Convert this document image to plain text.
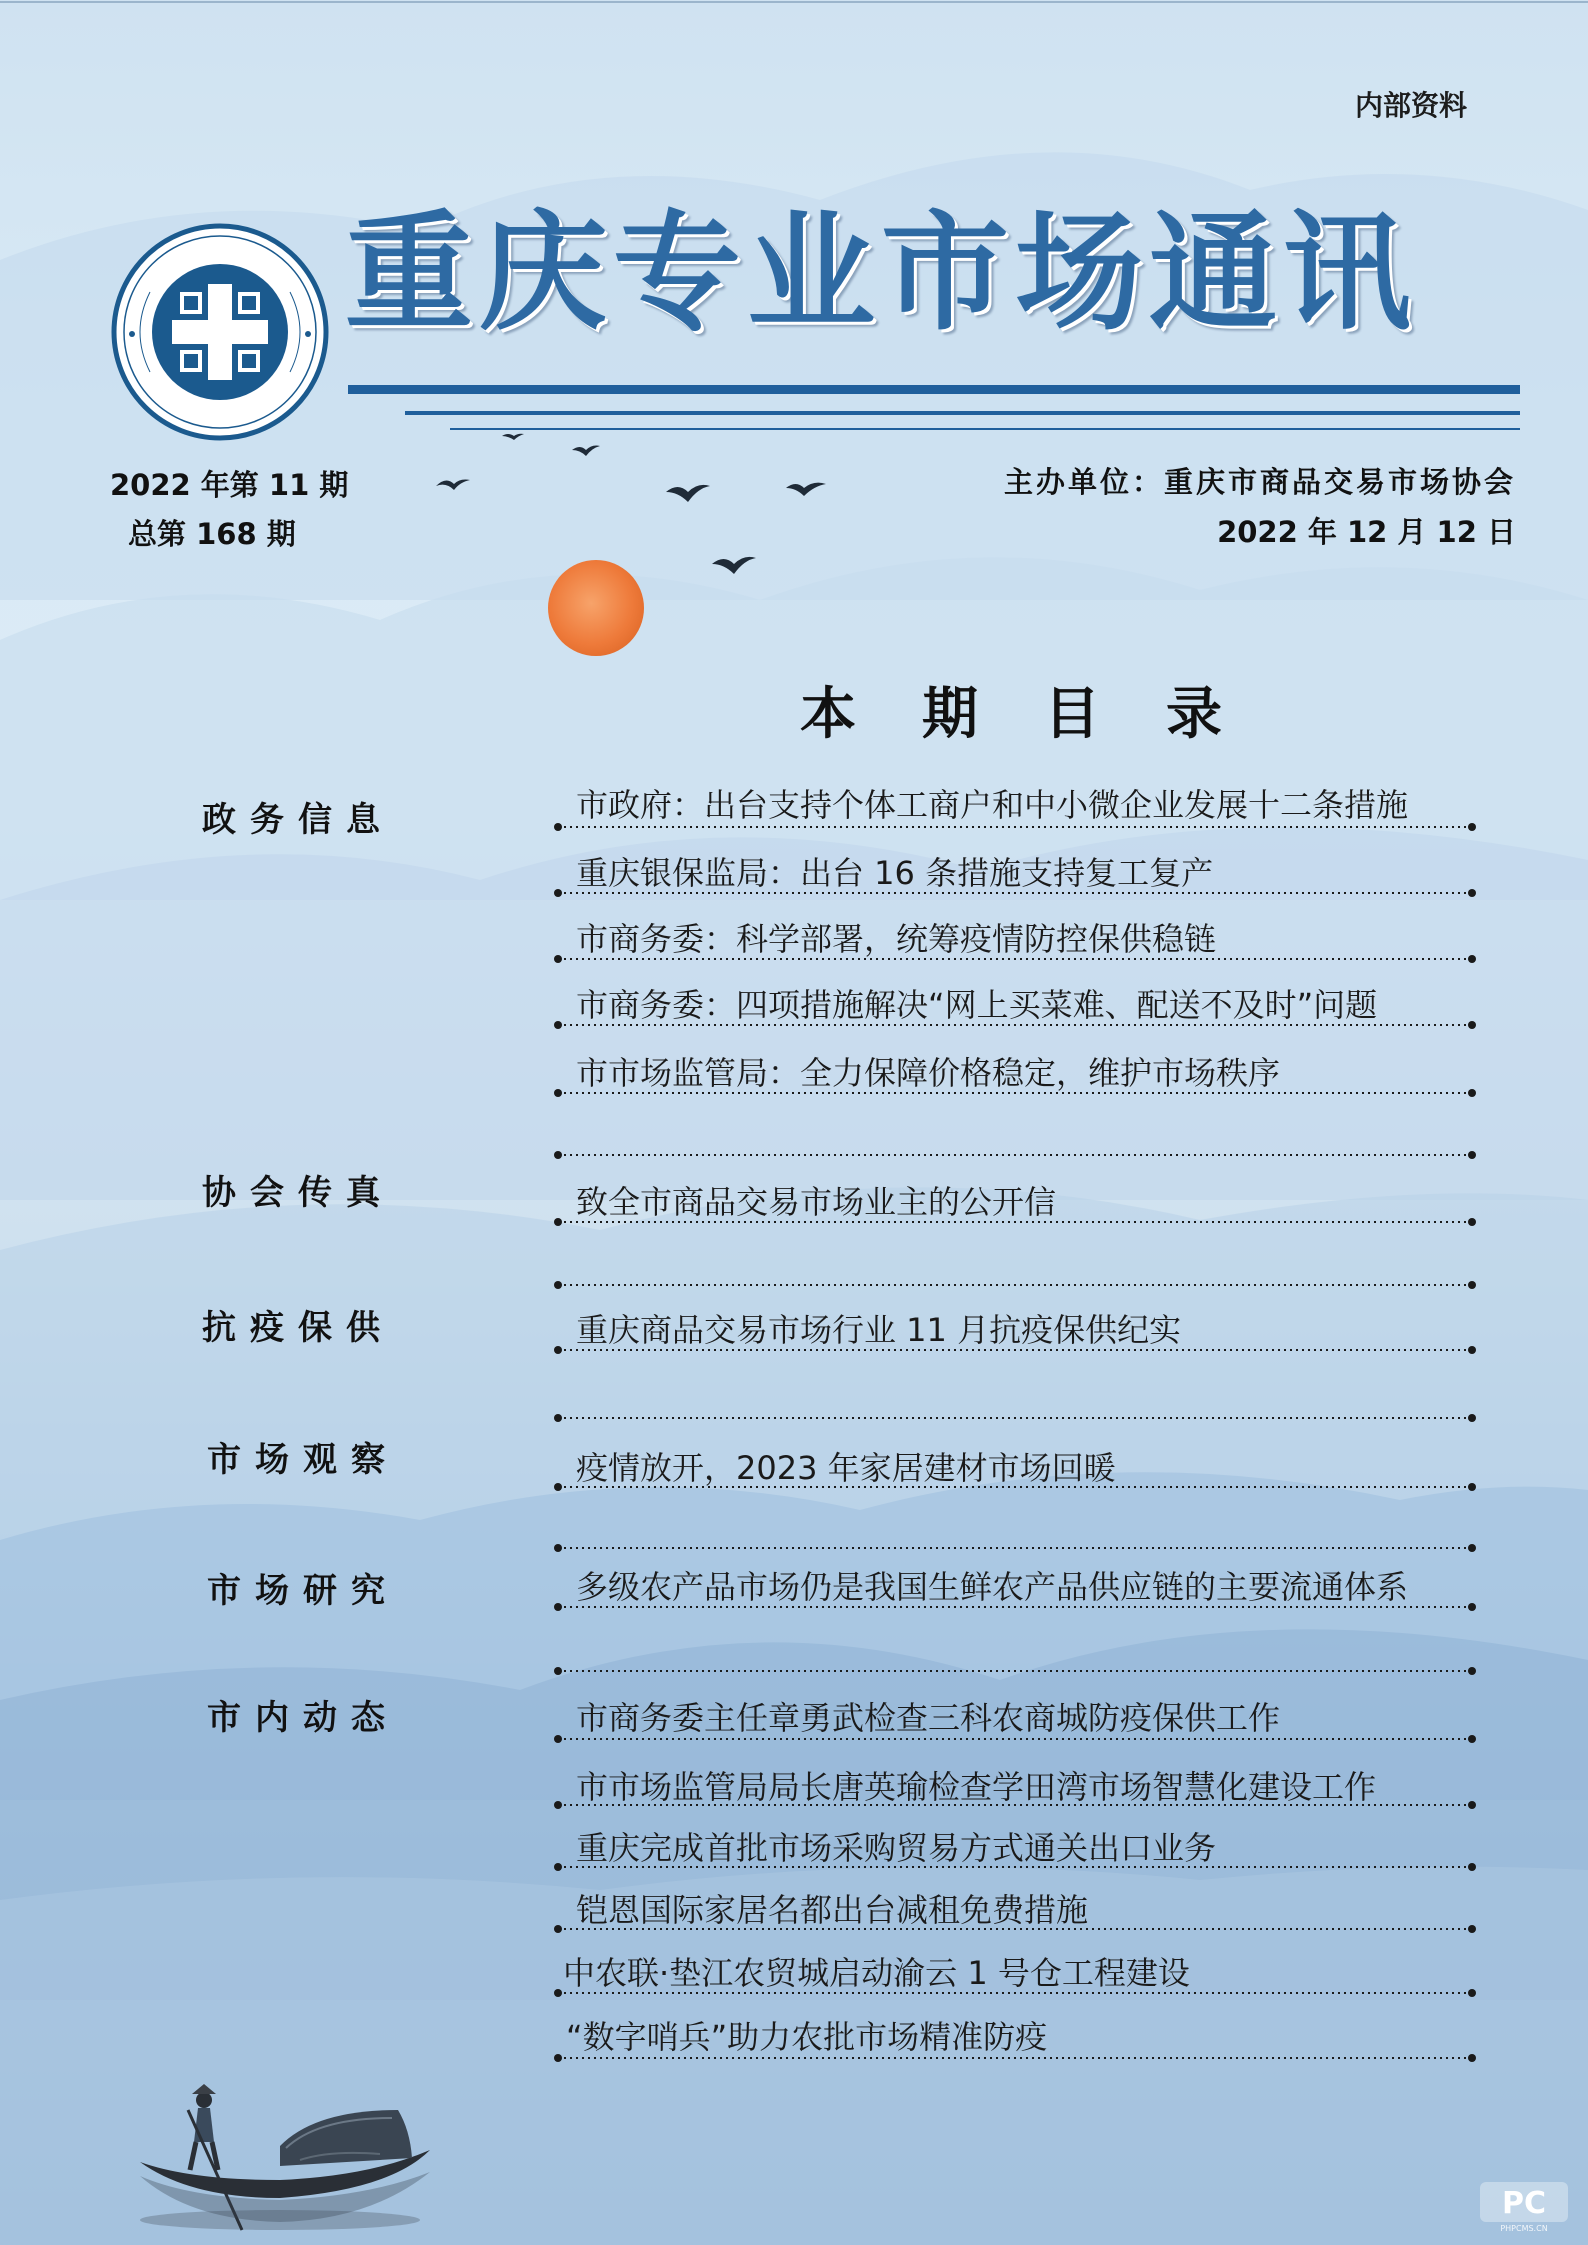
内部资料
重庆专业市场通讯
2022 年第 11 期
总第 168 期
主办单位：重庆市商品交易市场协会
2022 年 12 月 12 日
本期目录
政务信息
协会传真
抗疫保供
市场观察
市场研究
市内动态
市政府：出台支持个体工商户和中小微企业发展十二条措施
重庆银保监局：出台 16 条措施支持复工复产
市商务委：科学部署，统筹疫情防控保供稳链
市商务委：四项措施解决“网上买菜难、配送不及时”问题
市市场监管局：全力保障价格稳定，维护市场秩序
致全市商品交易市场业主的公开信
重庆商品交易市场行业 11 月抗疫保供纪实
疫情放开，2023 年家居建材市场回暖
多级农产品市场仍是我国生鲜农产品供应链的主要流通体系
市商务委主任章勇武检查三科农商城防疫保供工作
市市场监管局局长唐英瑜检查学田湾市场智慧化建设工作
重庆完成首批市场采购贸易方式通关出口业务
铠恩国际家居名都出台减租免费措施
中农联·垫江农贸城启动渝云 1 号仓工程建设
“数字哨兵”助力农批市场精准防疫
PC
PHPCMS.CN
